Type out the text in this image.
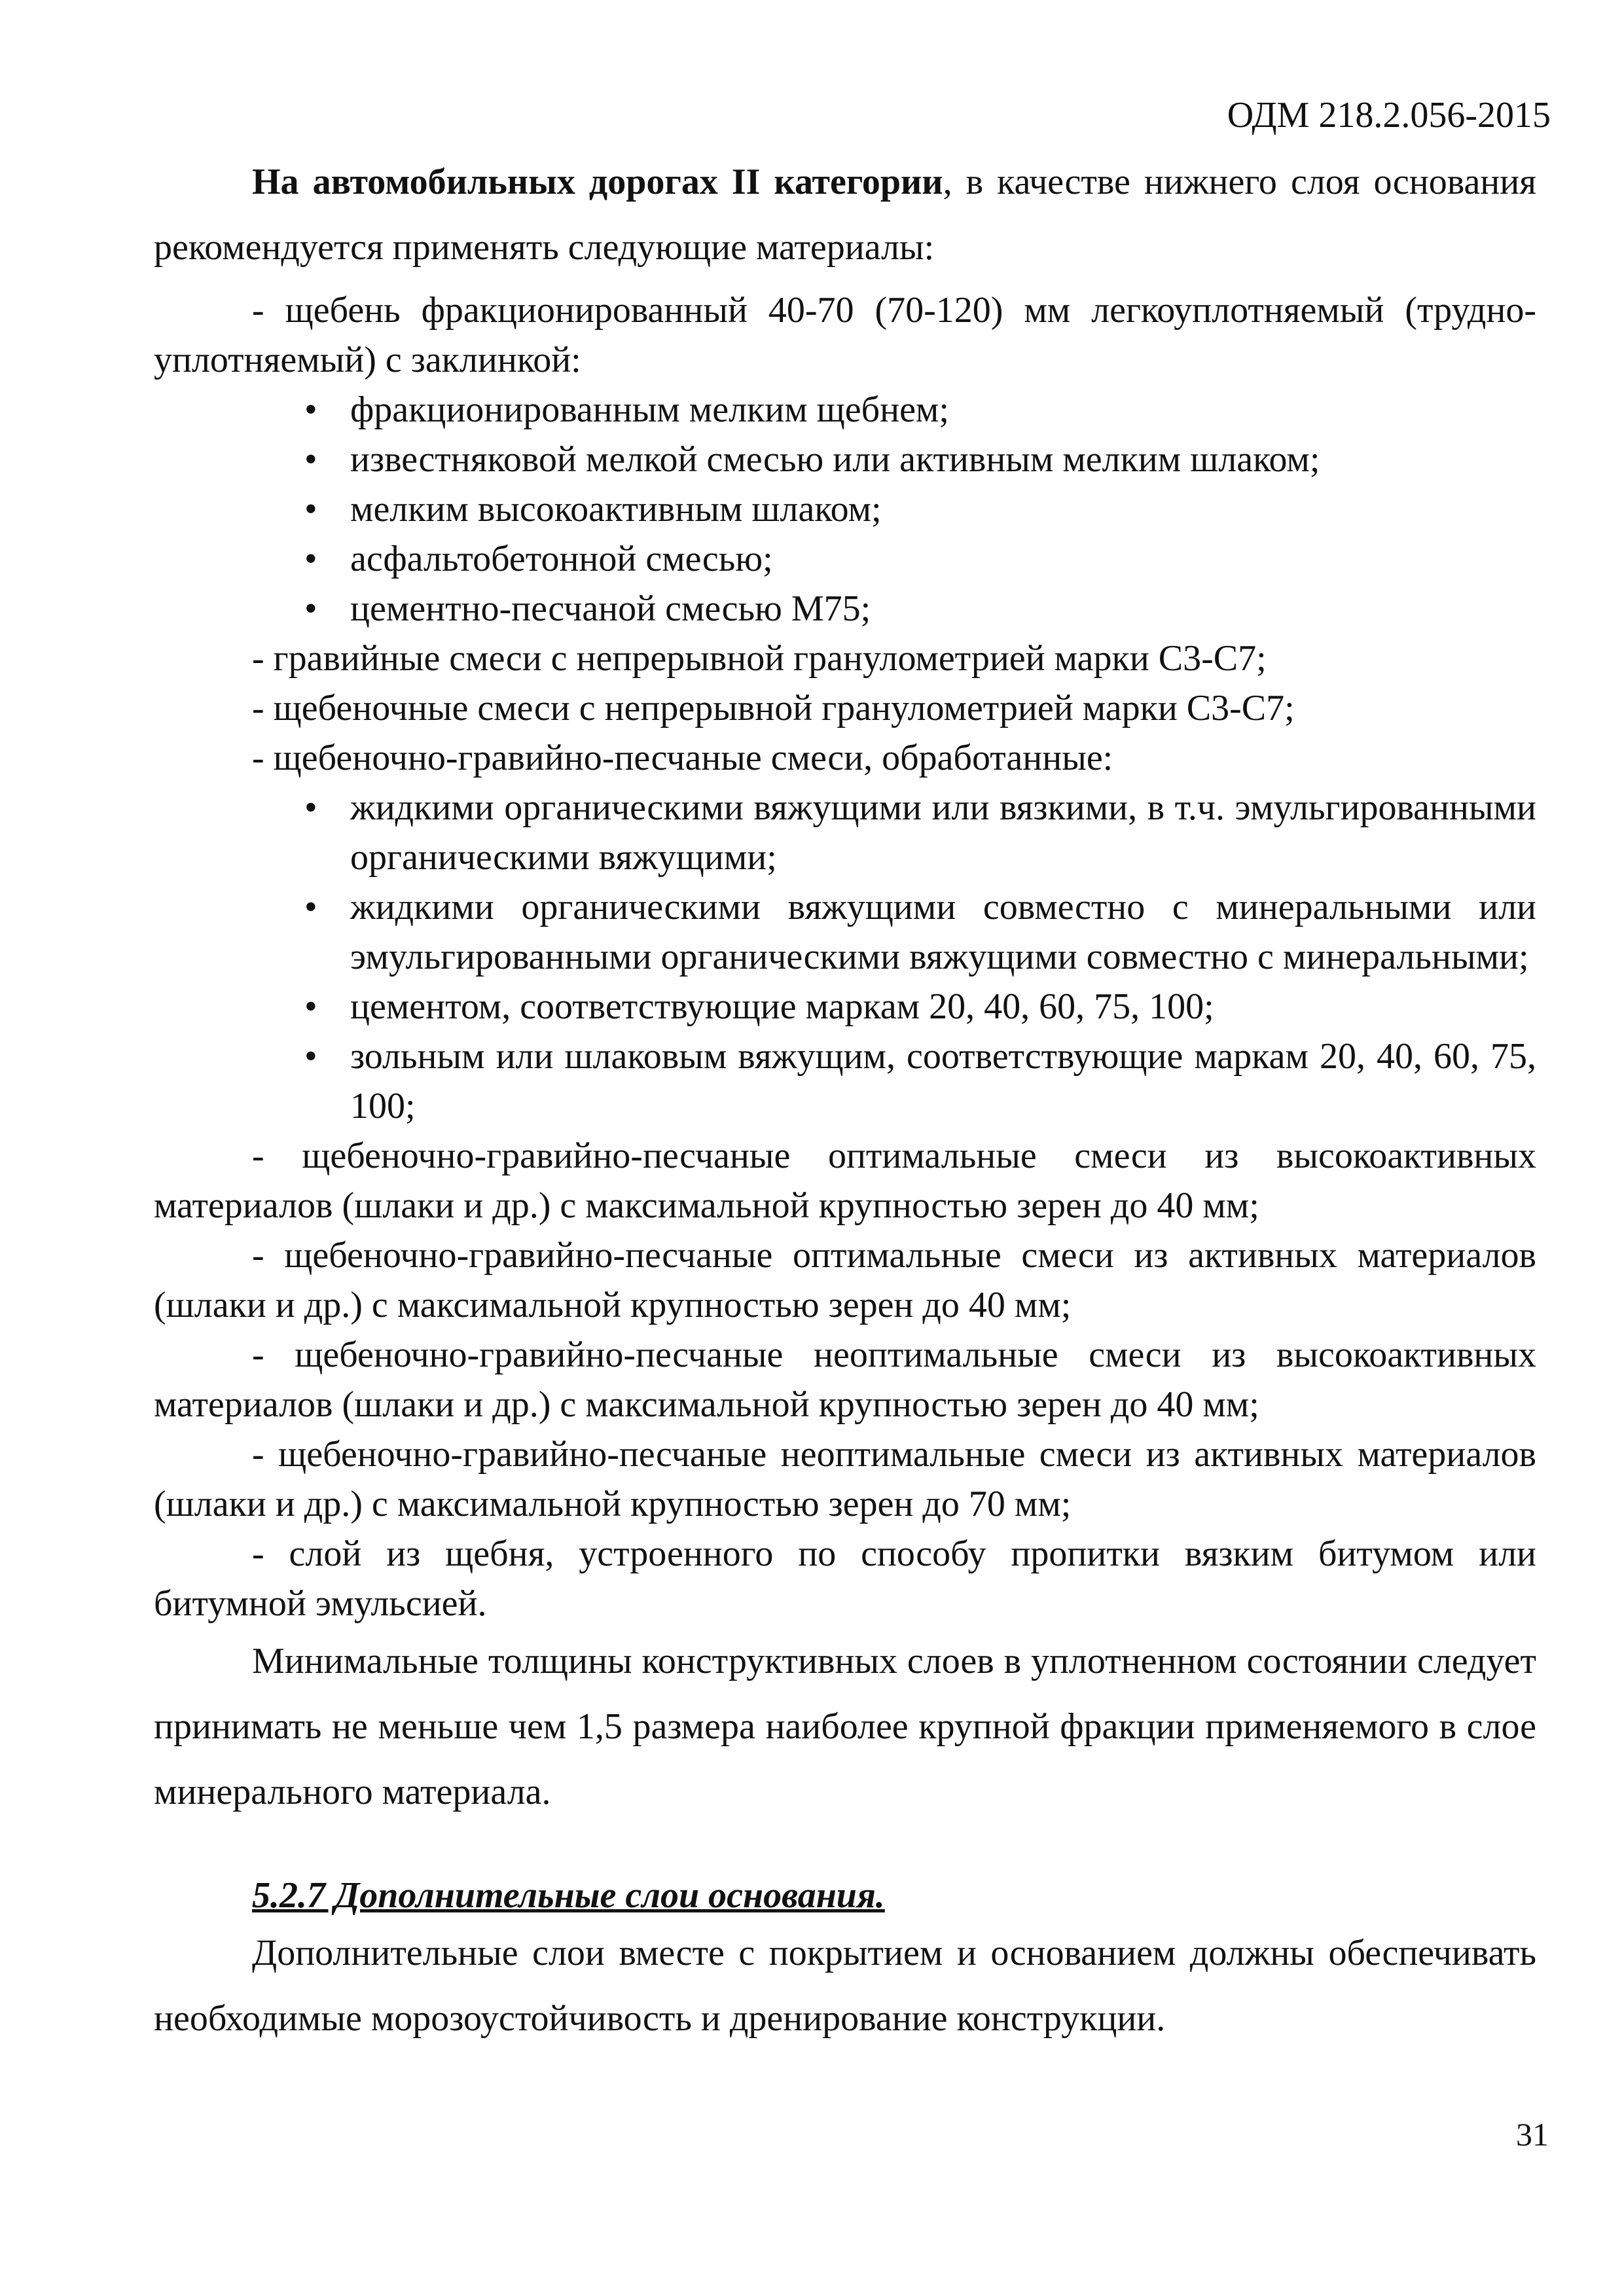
ОДМ 218.2.056-2015

На автомобильных дорогах II категории, в качестве нижнего слоя основания рекомендуется применять следующие материалы:

- щебень фракционированный 40-70 (70-120) мм легкоуплотняемый (трудно-уплотняемый) с заклинкой:

• фракционированным мелким щебнем;
• известняковой мелкой смесью или активным мелким шлаком;
• мелким высокоактивным шлаком;
• асфальтобетонной смесью;
• цементно-песчаной смесью М75;

- гравийные смеси с непрерывной гранулометрией марки С3-С7;

- щебеночные смеси с непрерывной гранулометрией марки С3-С7;

- щебеночно-гравийно-песчаные смеси, обработанные:

• жидкими органическими вяжущими или вязкими, в т.ч. эмульгированными органическими вяжущими;
• жидкими органическими вяжущими совместно с минеральными или эмульгированными органическими вяжущими совместно с минеральными;
• цементом, соответствующие маркам 20, 40, 60, 75, 100;
• зольным или шлаковым вяжущим, соответствующие маркам 20, 40, 60, 75, 100;

- щебеночно-гравийно-песчаные оптимальные смеси из высокоактивных материалов (шлаки и др.) с максимальной крупностью зерен до 40 мм;

- щебеночно-гравийно-песчаные оптимальные смеси из активных материалов (шлаки и др.) с максимальной крупностью зерен до 40 мм;

- щебеночно-гравийно-песчаные неоптимальные смеси из высокоактивных материалов (шлаки и др.) с максимальной крупностью зерен до 40 мм;

- щебеночно-гравийно-песчаные неоптимальные смеси из активных материалов (шлаки и др.) с максимальной крупностью зерен до 70 мм;

- слой из щебня, устроенного по способу пропитки вязким битумом или битумной эмульсией.

Минимальные толщины конструктивных слоев в уплотненном состоянии следует принимать не меньше чем 1,5 размера наиболее крупной фракции применяемого в слое минерального материала.

5.2.7 Дополнительные слои основания.

Дополнительные слои вместе с покрытием и основанием должны обеспечивать необходимые морозоустойчивость и дренирование конструкции.

31
